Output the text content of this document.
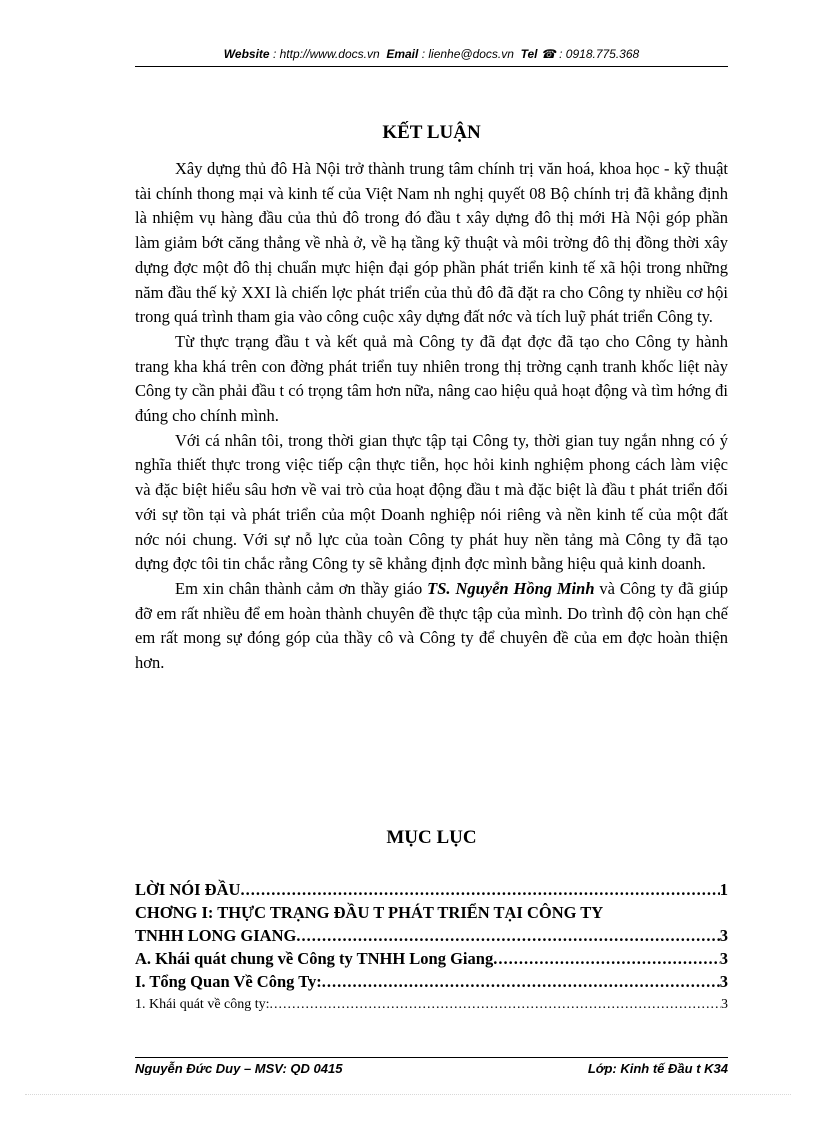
Website : http://www.docs.vn Email : lienhe@docs.vn Tel ☎ : 0918.775.368
KẾT LUẬN

Xây dựng thủ đô Hà Nội trở thành trung tâm chính trị văn hoá, khoa học - kỹ thuật tài chính thong mại và kinh tế của Việt Nam nh nghị quyết 08 Bộ chính trị đã khẳng định là nhiệm vụ hàng đầu của thủ đô trong đó đầu t xây dựng đô thị mới Hà Nội góp phần làm giảm bớt căng thẳng về nhà ở, về hạ tầng kỹ thuật và môi trờng đô thị đồng thời xây dựng đợc một đô thị chuẩn mực hiện đại góp phần phát triển kinh tế xã hội trong những năm đầu thế kỷ XXI là chiến lợc phát triển của thủ đô đã đặt ra cho Công ty nhiều cơ hội trong quá trình tham gia vào công cuộc xây dựng đất nớc và tích luỹ phát triển Công ty.

Từ thực trạng đầu t và kết quả mà Công ty đã đạt đợc đã tạo cho Công ty hành trang kha khá trên con đờng phát triển tuy nhiên trong thị trờng cạnh tranh khốc liệt này Công ty cần phải đầu t có trọng tâm hơn nữa, nâng cao hiệu quả hoạt động và tìm hớng đi đúng cho chính mình.

Với cá nhân tôi, trong thời gian thực tập tại Công ty, thời gian tuy ngắn nhng có ý nghĩa thiết thực trong việc tiếp cận thực tiễn, học hỏi kinh nghiệm phong cách làm việc và đặc biệt hiểu sâu hơn về vai trò của hoạt động đầu t mà đặc biệt là đầu t phát triển đối với sự tồn tại và phát triển của một Doanh nghiệp nói riêng và nền kinh tế của một đất nớc nói chung. Với sự nỗ lực của toàn Công ty phát huy nền tảng mà Công ty đã tạo dựng đợc tôi tin chắc rằng Công ty sẽ khẳng định đợc mình bằng hiệu quả kinh doanh.

Em xin chân thành cảm ơn thầy giáo TS. Nguyễn Hồng Minh và Công ty đã giúp đỡ em rất nhiều để em hoàn thành chuyên đề thực tập của mình. Do trình độ còn hạn chế em rất mong sự đóng góp của thầy cô và Công ty để chuyên đề của em đợc hoàn thiện hơn.

MỤC LỤC
LỜI NÓI ĐẦU .....	1
CHƠNG I: THỰC TRẠNG ĐẦU T PHÁT TRIỂN TẠI CÔNG TY
TNHH LONG GIANG .....	3
A. Khái quát chung về Công ty TNHH Long Giang .....	3
I. Tổng Quan Về Công Ty: .....	3
1. Khái quát về công ty: .....	3
Nguyễn Đức Duy – MSV: QD 0415	Lớp: Kinh tế Đầu t K34
